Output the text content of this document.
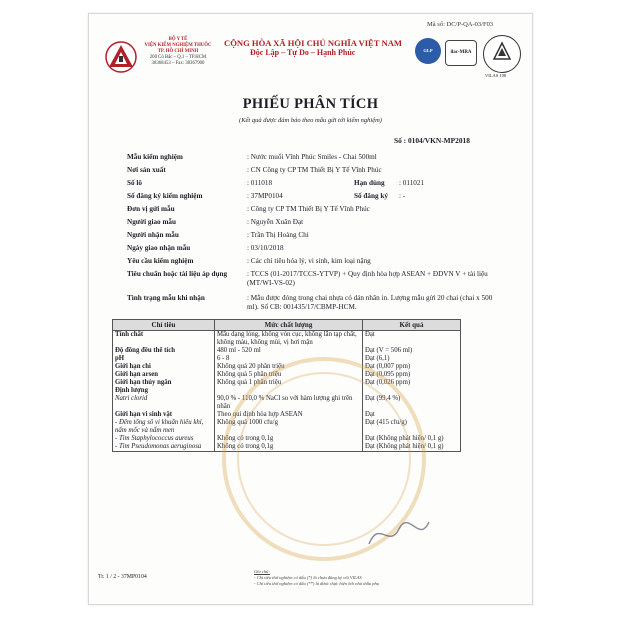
Mã số: DC/P-QA-03/F03
BỘ Y TẾ
VIỆN KIỂM NGHIỆM THUỐC
TP. HỒ CHÍ MINH
200 Cô Bắc – Q.1 – TP.HCM
38368453 – Fax: 38367900
CỘNG HÒA XÃ HỘI CHỦ NGHĨA VIỆT NAM
Độc Lập – Tự Do – Hạnh Phúc	GLP	ilac-MRA
VILAS 108
PHIẾU PHÂN TÍCH
(Kết quả được đảm bảo theo mẫu gửi tới kiểm nghiệm)
Số : 0104/VKN-MP2018
Mẫu kiểm nghiệm	: Nước muối Vĩnh Phúc Smiles - Chai 500ml
Nơi sản xuất	: CN Công ty CP TM Thiết Bị Y Tế Vĩnh Phúc
Số lô	: 011018	Hạn dùng : 011021
Số đăng ký kiểm nghiệm	: 37MP0104	Số đăng ký : -
Đơn vị gửi mẫu	: Công ty CP TM Thiết Bị Y Tế Vĩnh Phúc
Người giao mẫu	: Nguyễn Xuân Đạt
Người nhận mẫu	: Trần Thị Hoàng Chi
Ngày giao nhận mẫu	: 03/10/2018
Yêu cầu kiểm nghiệm	: Các chỉ tiêu hóa lý, vi sinh, kim loại nặng
Tiêu chuẩn hoặc tài liệu áp dụng	: TCCS (01-2017/TCCS-YTVP) + Quy định hòa hợp ASEAN + ĐDVN V + tài liệu (MT/WI-VS-02)
Tình trạng mẫu khi nhận	: Mẫu được đóng trong chai nhựa có dán nhãn in. Lượng mẫu gửi 20 chai (chai x 500 ml). Số CB: 001435/17/CBMP-HCM.
Chỉ tiêu	Mức chất lượng	Kết quả
Tính chất	Mẫu dạng lỏng, không vón cục, không lẫn tạp chất, không màu, không mùi, vị hơi mặn	Đạt
Độ đồng đều thể tích	480 ml - 520 ml	Đạt (V = 506 ml)
pH	6 - 8	Đạt (6,1)
Giới hạn chì	Không quá 20 phần triệu	Đạt (0,007 ppm)
Giới hạn arsen	Không quá 5 phần triệu	Đạt (0,095 ppm)
Giới hạn thủy ngân	Không quá 1 phần triệu	Đạt (0,026 ppm)
Định lượng		
Natri clorid	90,0 % - 110,0 % NaCl so với hàm lượng ghi trên nhãn	Đạt (99,4 %)
Giới hạn vi sinh vật	Theo qui định hòa hợp ASEAN	Đạt
- Đếm tổng số vi khuẩn hiếu khí, nấm mốc và nấm men	Không quá 1000 cfu/g	Đạt (415 cfu/g)
- Tìm Staphylococcus aureus	Không có trong 0,1g	Đạt (Không phát hiện/ 0,1 g)
- Tìm Pseudomonas aeruginosa	Không có trong 0,1g	Đạt (Không phát hiện/ 0,1 g)
Tr. 1 / 2 - 37MP0104
Ghi chú:
- Chỉ tiêu thử nghiệm có dấu (*) là chưa đăng ký với VILAS
- Chỉ tiêu thử nghiệm có dấu (**) là được thực hiện bởi nhà thầu phụ
